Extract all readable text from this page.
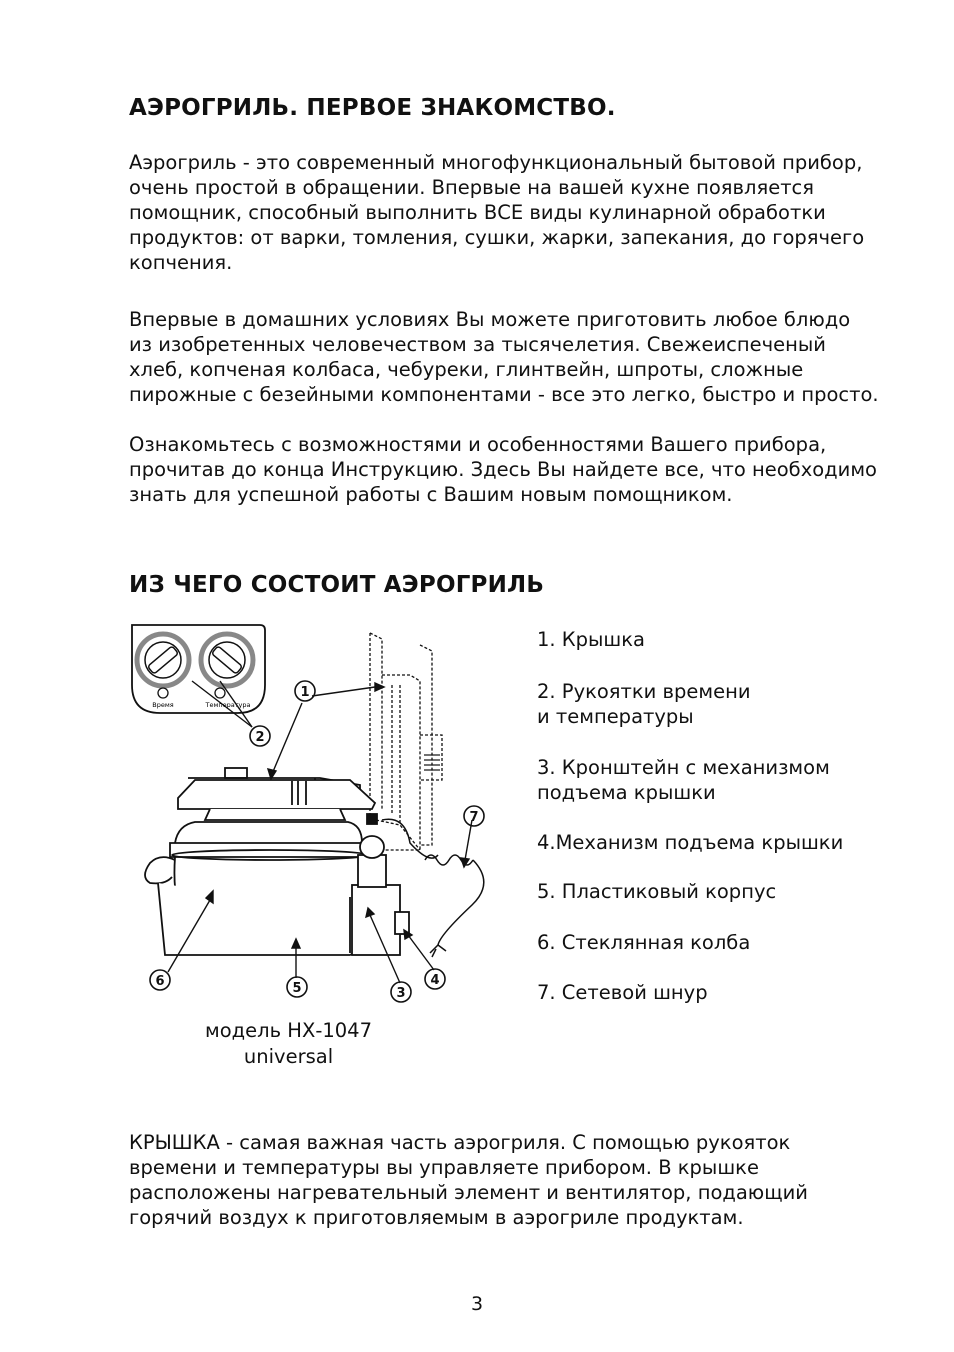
АЭРОГРИЛЬ. ПЕРВОЕ ЗНАКОМСТВО.
Аэрогриль - это современный многофункциональный бытовой прибор,
очень простой в обращении. Впервые на вашей кухне появляется
помощник, способный выполнить ВСЕ виды кулинарной обработки
продуктов: от варки, томления, сушки, жарки, запекания, до горячего
копчения.
Впервые в домашних условиях Вы можете приготовить любое блюдо
из изобретенных человечеством за тысячелетия. Свежеиспеченый
хлеб, копченая колбаса, чебуреки, глинтвейн, шпроты, сложные
пирожные с безейными компонентами - все это легко, быстро и просто.
Ознакомьтесь с возможностями и особенностями Вашего прибора,
прочитав до конца Инструкцию. Здесь Вы найдете все, что необходимо
знать для успешной работы с Вашим новым помощником.
ИЗ ЧЕГО СОСТОИТ АЭРОГРИЛЬ
Время	Температура
1
2
3
4
5
6
7
1. Крышка
2. Рукоятки времени
и температуры
3. Кронштейн с механизмом
подъема крышки
4.Механизм подъема крышки
5. Пластиковый корпус
6. Стеклянная колба
7. Сетевой шнур
модель НХ-1047
universal
КРЫШКА - самая важная часть аэрогриля. С помощью рукояток
времени и температуры вы управляете прибором. В крышке
расположены нагревательный элемент и вентилятор, подающий
горячий воздух к приготовляемым в аэрогриле продуктам.
3
